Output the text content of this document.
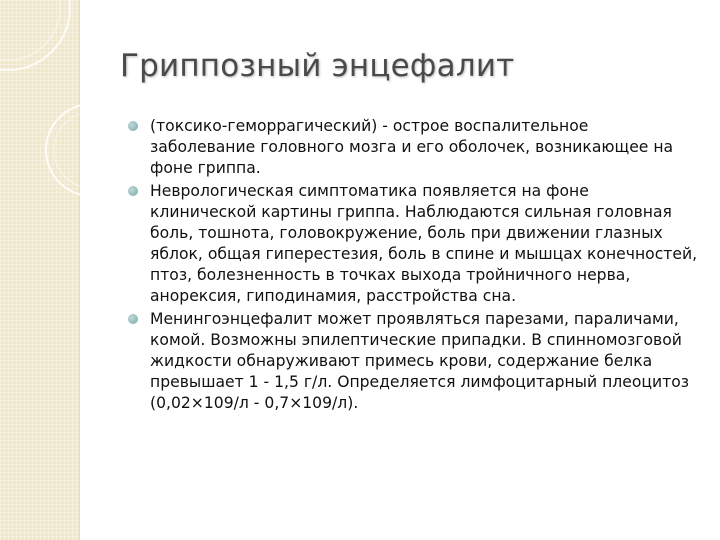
Гриппозный энцефалит
(токсико-геморрагический) - острое воспалительное заболевание головного мозга и его оболочек, возникающее на фоне гриппа.
Неврологическая симптоматика появляется на фоне клинической картины гриппа. Наблюдаются сильная головная боль, тошнота, головокружение, боль при движении глазных яблок, общая гиперестезия, боль в спине и мышцах конечностей, птоз, болезненность в точках выхода тройничного нерва, анорексия, гиподинамия, расстройства сна.
Менингоэнцефалит может проявляться парезами, параличами, комой. Возможны эпилептические припадки. В спинномозговой жидкости обнаруживают примесь крови, содержание белка превышает 1 - 1,5 г/л. Определяется лимфоцитарный плеоцитоз (0,02×109/л - 0,7×109/л).
